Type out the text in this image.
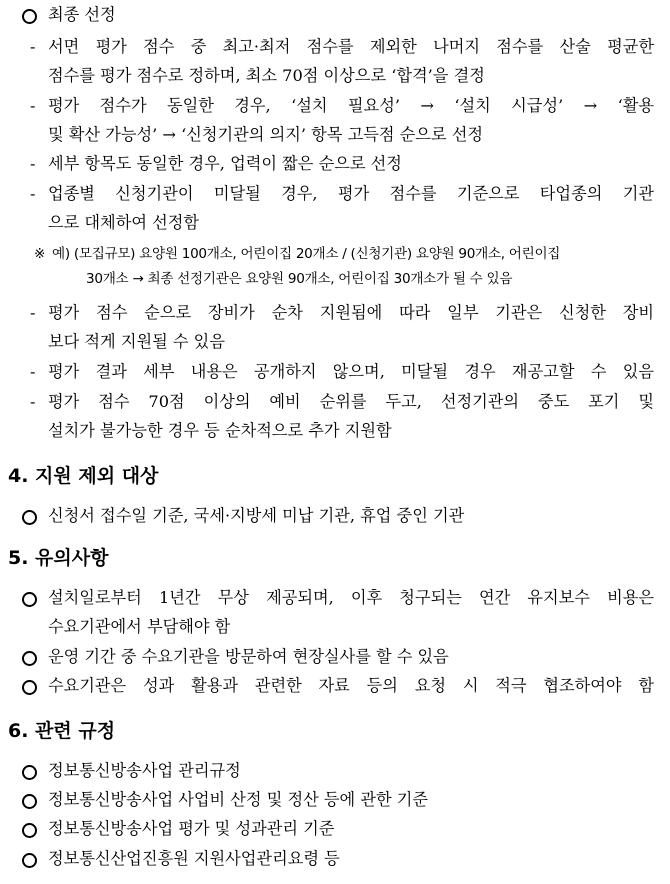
최종 선정
- 서면 평가 점수 중 최고·최저 점수를 제외한 나머지 점수를 산술 평균한
점수를 평가 점수로 정하며, 최소 70점 이상으로 ‘합격’을 결정
- 평가 점수가 동일한 경우, ‘설치 필요성’ → ‘설치 시급성’ → ‘활용
및 확산 가능성’ → ‘신청기관의 의지’ 항목 고득점 순으로 선정
- 세부 항목도 동일한 경우, 업력이 짧은 순으로 선정
- 업종별 신청기관이 미달될 경우, 평가 점수를 기준으로 타업종의 기관
으로 대체하여 선정함
※ 예) (모집규모) 요양원 100개소, 어린이집 20개소 / (신청기관) 요양원 90개소, 어린이집
30개소 → 최종 선정기관은 요양원 90개소, 어린이집 30개소가 될 수 있음
- 평가 점수 순으로 장비가 순차 지원됨에 따라 일부 기관은 신청한 장비
보다 적게 지원될 수 있음
- 평가 결과 세부 내용은 공개하지 않으며, 미달될 경우 재공고할 수 있음
- 평가 점수 70점 이상의 예비 순위를 두고, 선정기관의 중도 포기 및
설치가 불가능한 경우 등 순차적으로 추가 지원함
4. 지원 제외 대상
신청서 접수일 기준, 국세·지방세 미납 기관, 휴업 중인 기관
5. 유의사항
설치일로부터 1년간 무상 제공되며, 이후 청구되는 연간 유지보수 비용은
수요기관에서 부담해야 함
운영 기간 중 수요기관을 방문하여 현장실사를 할 수 있음
수요기관은 성과 활용과 관련한 자료 등의 요청 시 적극 협조하여야 함
6. 관련 규정
정보통신방송사업 관리규정
정보통신방송사업 사업비 산정 및 정산 등에 관한 기준
정보통신방송사업 평가 및 성과관리 기준
정보통신산업진흥원 지원사업관리요령 등
